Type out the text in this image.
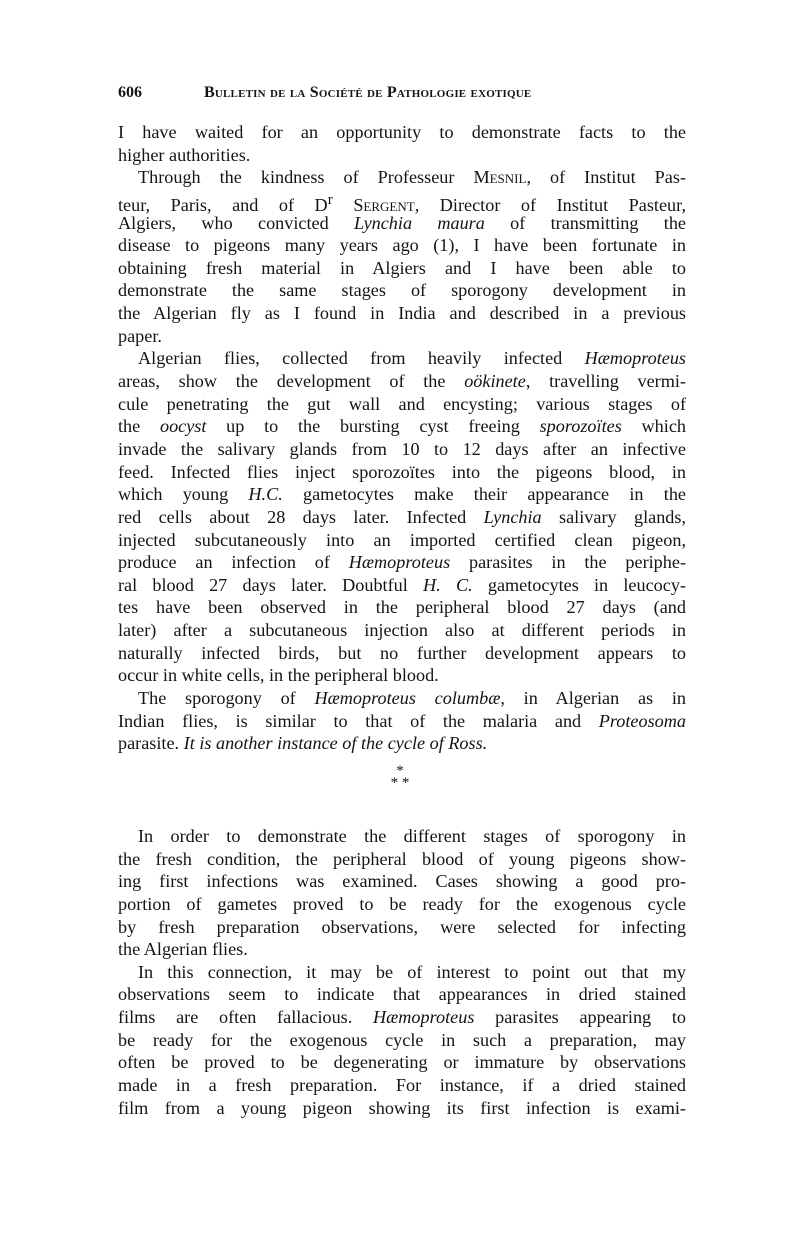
606	Bulletin de la Société de Pathologie exotique
I have waited for an opportunity to demonstrate facts to the
higher authorities.
Through the kindness of Professeur Mesnil, of Institut Pas-
teur, Paris, and of $D^r$ Sergent, Director of Institut Pasteur,
Algiers, who convicted Lynchia maura of transmitting the
disease to pigeons many years ago (1), I have been fortunate in
obtaining fresh material in Algiers and I have been able to
demonstrate the same stages of sporogony development in
the Algerian fly as I found in India and described in a previous
paper.
Algerian flies, collected from heavily infected Hæmoproteus
areas, show the development of the oökinete, travelling vermi-
cule penetrating the gut wall and encysting; various stages of
the oocyst up to the bursting cyst freeing sporozoïtes which
invade the salivary glands from 10 to 12 days after an infective
feed. Infected flies inject sporozoïtes into the pigeons blood, in
which young H.C. gametocytes make their appearance in the
red cells about 28 days later. Infected Lynchia salivary glands,
injected subcutaneously into an imported certified clean pigeon,
produce an infection of Hæmoproteus parasites in the periphe-
ral blood 27 days later. Doubtful H. C. gametocytes in leucocy-
tes have been observed in the peripheral blood 27 days (and
later) after a subcutaneous injection also at different periods in
naturally infected birds, but no further development appears to
occur in white cells, in the peripheral blood.
The sporogony of Hæmoproteus columbæ, in Algerian as in
Indian flies, is similar to that of the malaria and Proteosoma
parasite. It is another instance of the cycle of Ross.
*
* *
In order to demonstrate the different stages of sporogony in
the fresh condition, the peripheral blood of young pigeons show-
ing first infections was examined. Cases showing a good pro-
portion of gametes proved to be ready for the exogenous cycle
by fresh preparation observations, were selected for infecting
the Algerian flies.
In this connection, it may be of interest to point out that my
observations seem to indicate that appearances in dried stained
films are often fallacious. Hæmoproteus parasites appearing to
be ready for the exogenous cycle in such a preparation, may
often be proved to be degenerating or immature by observations
made in a fresh preparation. For instance, if a dried stained
film from a young pigeon showing its first infection is exami-
